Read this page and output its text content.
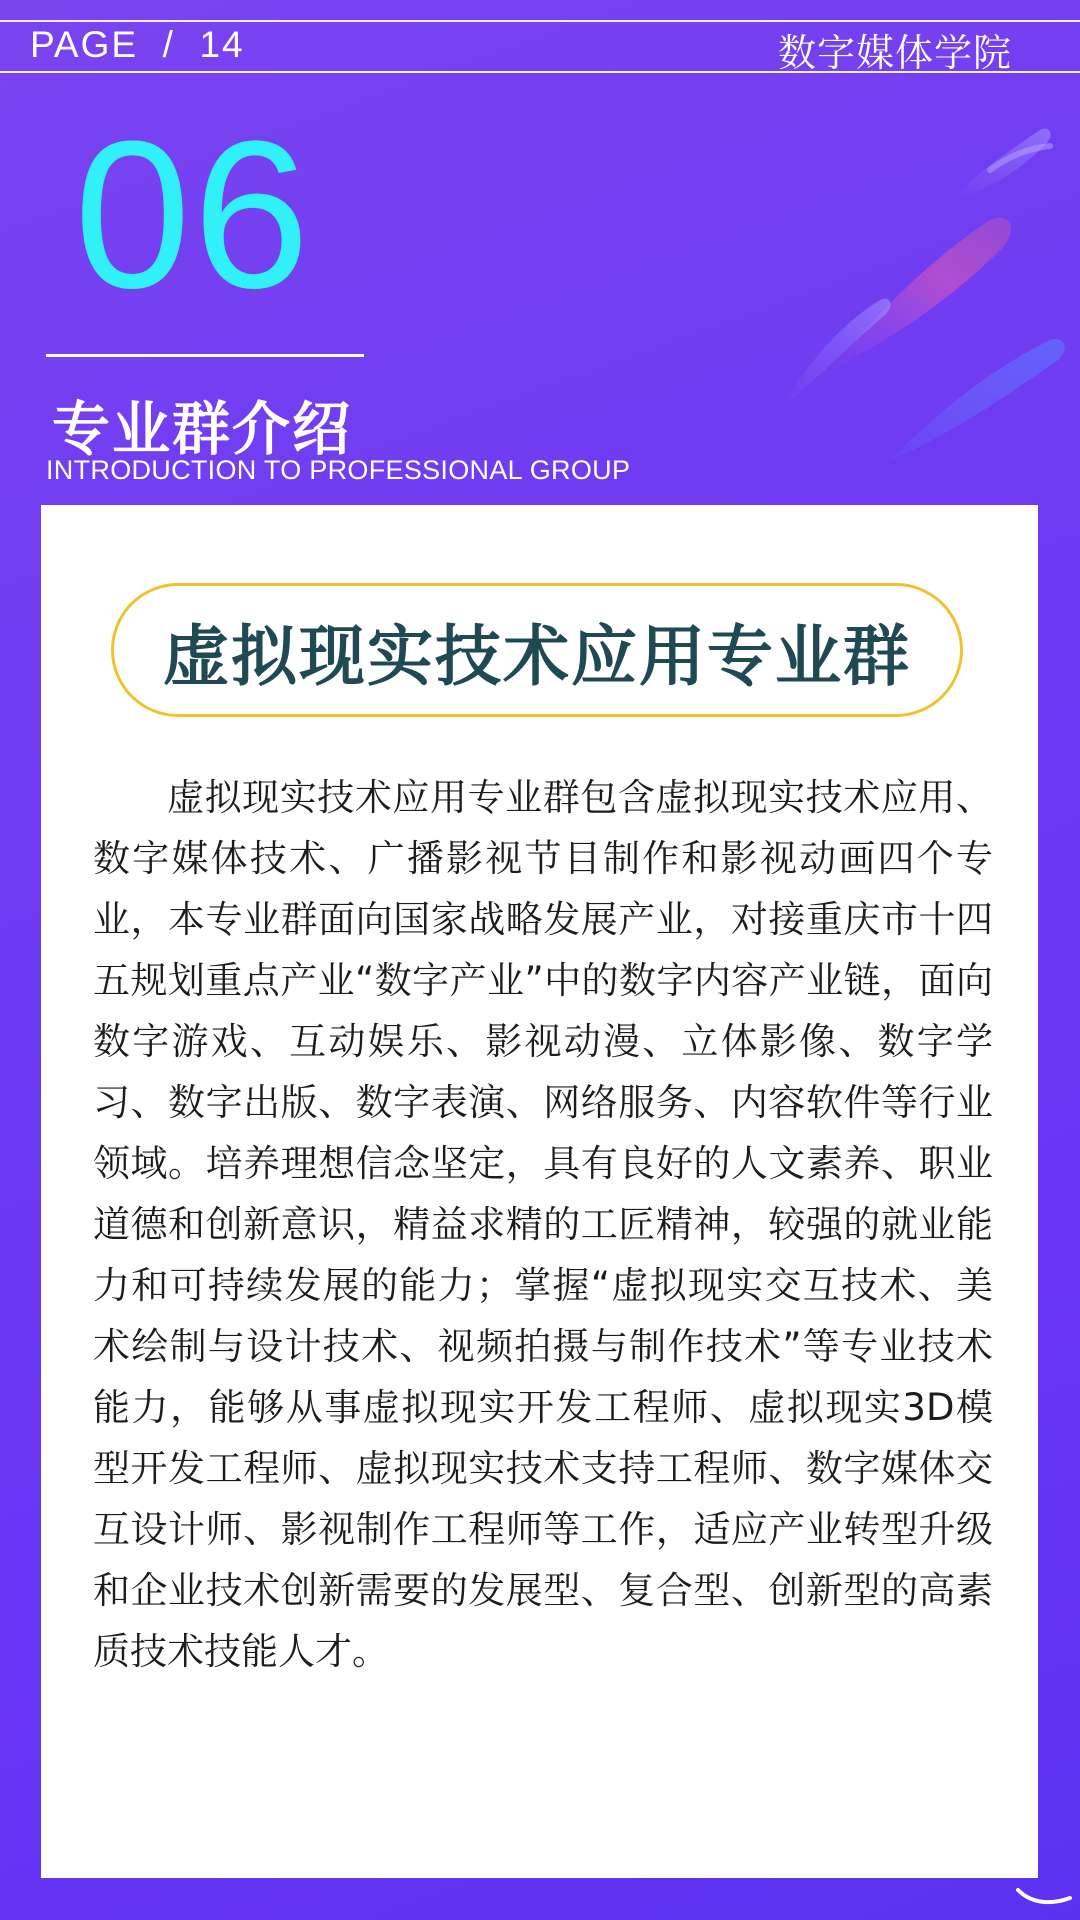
PAGE  /  14	数字媒体学院
06
专业群介绍
INTRODUCTION TO PROFESSIONAL GROUP
虚拟现实技术应用专业群

虚拟现实技术应用专业群包含虚拟现实技术应用、数字媒体技术、广播影视节目制作和影视动画四个专业，本专业群面向国家战略发展产业，对接重庆市十四五规划重点产业“数字产业”中的数字内容产业链，面向数字游戏、互动娱乐、影视动漫、立体影像、数字学习、数字出版、数字表演、网络服务、内容软件等行业领域。培养理想信念坚定，具有良好的人文素养、职业道德和创新意识，精益求精的工匠精神，较强的就业能力和可持续发展的能力；掌握“虚拟现实交互技术、美术绘制与设计技术、视频拍摄与制作技术”等专业技术能力，能够从事虚拟现实开发工程师、虚拟现实3D模型开发工程师、虚拟现实技术支持工程师、数字媒体交互设计师、影视制作工程师等工作，适应产业转型升级和企业技术创新需要的发展型、复合型、创新型的高素质技术技能人才。
